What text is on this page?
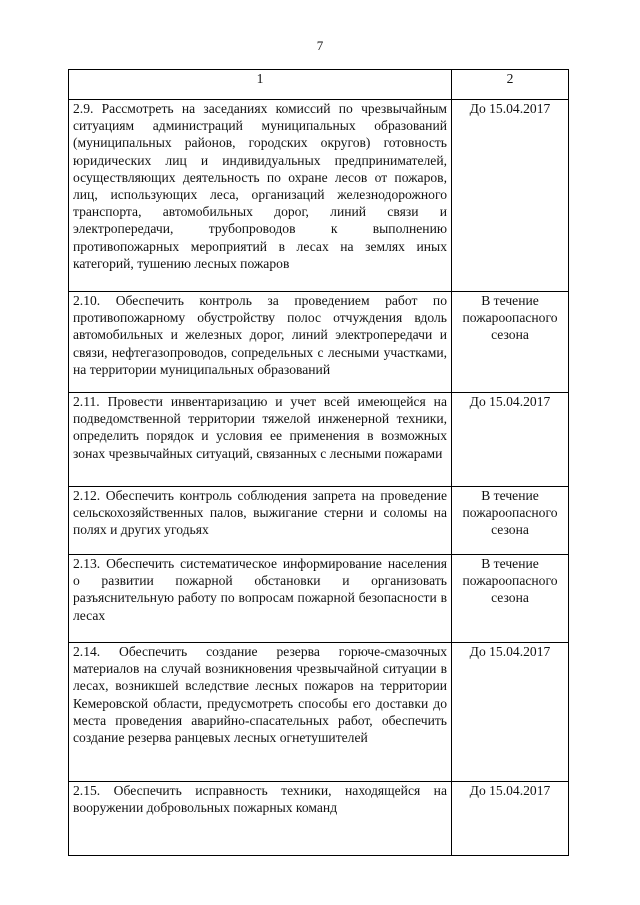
7
1	2
2.9. Рассмотреть на заседаниях комиссий по чрезвычайным ситуациям администраций муниципальных образований (муниципальных районов, городских округов) готовность юридических лиц и индивидуальных предпринимателей, осуществляющих деятельность по охране лесов от пожаров, лиц, использующих леса, организаций железнодорожного транспорта, автомобильных дорог, линий связи и электропередачи, трубопроводов к выполнению противопожарных мероприятий в лесах на землях иных категорий, тушению лесных пожаров	До 15.04.2017
2.10. Обеспечить контроль за проведением работ по противопожарному обустройству полос отчуждения вдоль автомобильных и железных дорог, линий электропередачи и связи, нефтегазопроводов, сопредельных с лесными участками, на территории муниципальных образований	В течение пожароопасного сезона
2.11. Провести инвентаризацию и учет всей имеющейся на подведомственной территории тяжелой инженерной техники, определить порядок и условия ее применения в возможных зонах чрезвычайных ситуаций, связанных с лесными пожарами	До 15.04.2017
2.12. Обеспечить контроль соблюдения запрета на проведение сельскохозяйственных палов, выжигание стерни и соломы на полях и других угодьях	В течение пожароопасного сезона
2.13. Обеспечить систематическое информирование населения о развитии пожарной обстановки и организовать разъяснительную работу по вопросам пожарной безопасности в лесах	В течение пожароопасного сезона
2.14. Обеспечить создание резерва горюче-смазочных материалов на случай возникновения чрезвычайной ситуации в лесах, возникшей вследствие лесных пожаров на территории Кемеровской области, предусмотреть способы его доставки до места проведения аварийно-спасательных работ, обеспечить создание резерва ранцевых лесных огнетушителей	До 15.04.2017
2.15. Обеспечить исправность техники, находящейся на вооружении добровольных пожарных команд	До 15.04.2017
